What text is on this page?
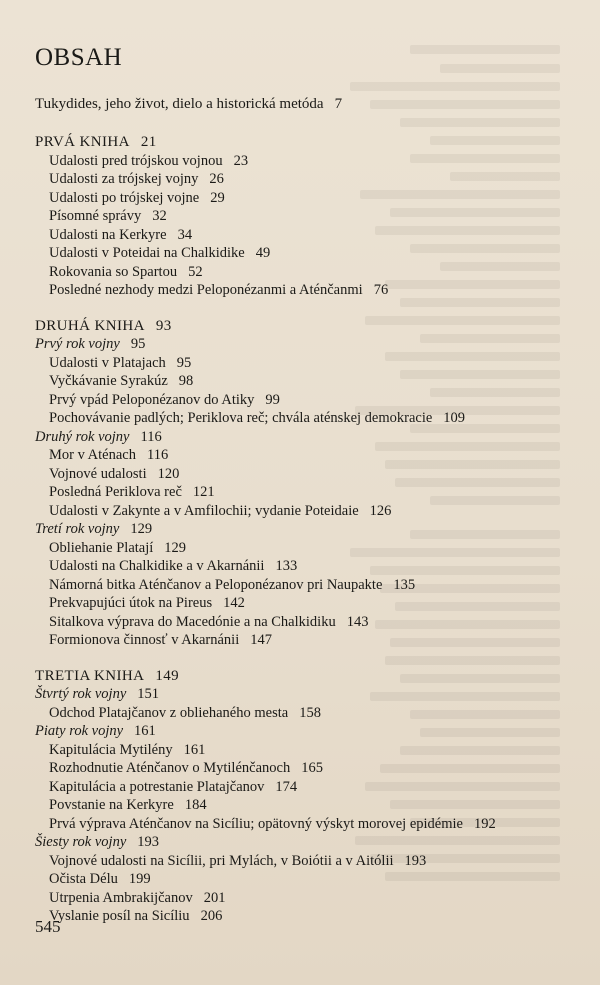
OBSAH
Tukydides, jeho život, dielo a historická metóda 7
PRVÁ KNIHA 21
Udalosti pred trójskou vojnou 23
Udalosti za trójskej vojny 26
Udalosti po trójskej vojne 29
Písomné správy 32
Udalosti na Kerkyre 34
Udalosti v Poteidai na Chalkidike 49
Rokovania so Spartou 52
Posledné nezhody medzi Peloponézanmi a Aténčanmi 76
DRUHÁ KNIHA 93
Prvý rok vojny 95
Udalosti v Platajach 95
Vyčkávanie Syrakúz 98
Prvý vpád Peloponézanov do Atiky 99
Pochovávanie padlých; Periklova reč; chvála aténskej demokracie 109
Druhý rok vojny 116
Mor v Aténach 116
Vojnové udalosti 120
Posledná Periklova reč 121
Udalosti v Zakynte a v Amfilochii; vydanie Poteidaie 126
Tretí rok vojny 129
Obliehanie Platají 129
Udalosti na Chalkidike a v Akarnánii 133
Námorná bitka Aténčanov a Peloponézanov pri Naupakte 135
Prekvapujúci útok na Pireus 142
Sitalkova výprava do Macedónie a na Chalkidiku 143
Formionova činnosť v Akarnánii 147
TRETIA KNIHA 149
Štvrtý rok vojny 151
Odchod Platajčanov z obliehaného mesta 158
Piaty rok vojny 161
Kapitulácia Mytilény 161
Rozhodnutie Aténčanov o Mytilénčanoch 165
Kapitulácia a potrestanie Platajčanov 174
Povstanie na Kerkyre 184
Prvá výprava Aténčanov na Sicíliu; opätovný výskyt morovej epidémie 192
Šiesty rok vojny 193
Vojnové udalosti na Sicílii, pri Mylách, v Boiótii a v Aitólii 193
Očista Délu 199
Utrpenia Ambrakijčanov 201
Vyslanie posíl na Sicíliu 206
545
